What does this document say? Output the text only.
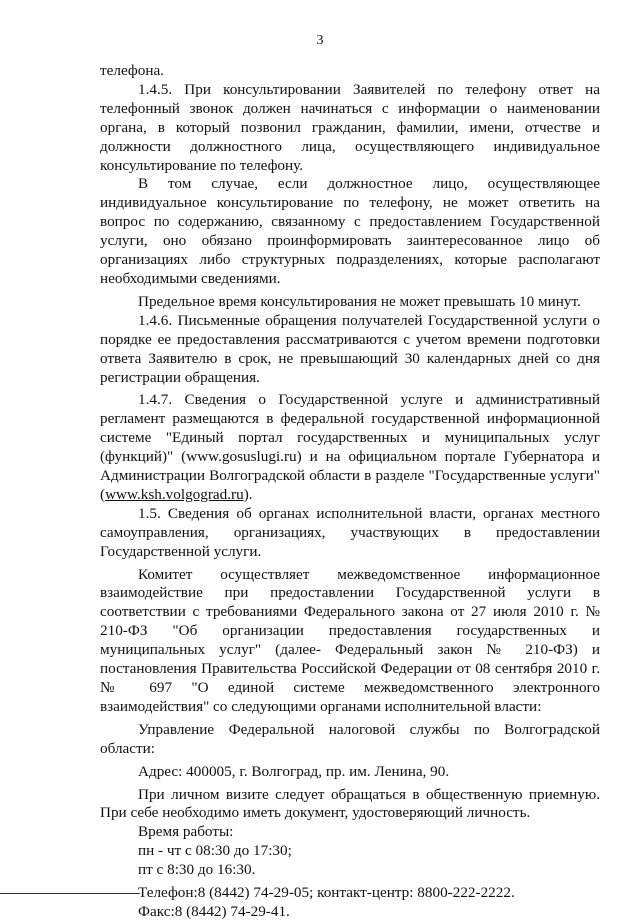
3

телефона.

1.4.5. При консультировании Заявителей по телефону ответ на телефонный звонок должен начинаться с информации о наименовании органа, в который позвонил гражданин, фамилии, имени, отчестве и должности должностного лица, осуществляющего индивидуальное консультирование по телефону.

В том случае, если должностное лицо, осуществляющее индивидуальное консультирование по телефону, не может ответить на вопрос по содержанию, связанному с предоставлением Государственной услуги, оно обязано проинформировать заинтересованное лицо об организациях либо структурных подразделениях, которые располагают необходимыми сведениями.

Предельное время консультирования не может превышать 10 минут.

1.4.6. Письменные обращения получателей Государственной услуги о порядке ее предоставления рассматриваются с учетом времени подготовки ответа Заявителю в срок, не превышающий 30 календарных дней со дня регистрации обращения.

1.4.7. Сведения о Государственной услуге и административный регламент размещаются в федеральной государственной информационной системе "Единый портал государственных и муниципальных услуг (функций)" (www.gosuslugi.ru) и на официальном портале Губернатора и Администрации Волгоградской области в разделе "Государственные услуги" (www.ksh.volgograd.ru).

1.5. Сведения об органах исполнительной власти, органах местного самоуправления, организациях, участвующих в предоставлении Государственной услуги.

Комитет осуществляет межведомственное информационное взаимодействие при предоставлении Государственной услуги в соответствии с требованиями Федерального закона от 27 июля 2010 г. № 210-ФЗ "Об организации предоставления государственных и муниципальных услуг" (далее- Федеральный закон № 210-ФЗ) и постановления Правительства Российской Федерации от 08 сентября 2010 г. № 697 "О единой системе межведомственного электронного взаимодействия" со следующими органами исполнительной власти:

Управление Федеральной налоговой службы по Волгоградской области:

Адрес: 400005, г. Волгоград, пр. им. Ленина, 90.

При личном визите следует обращаться в общественную приемную. При себе необходимо иметь документ, удостоверяющий личность.

Время работы:

пн - чт с 08:30 до 17:30;

пт с 8:30 до 16:30.

Телефон:8 (8442) 74-29-05; контакт-центр: 8800-222-2222.

Факс:8 (8442) 74-29-41.
